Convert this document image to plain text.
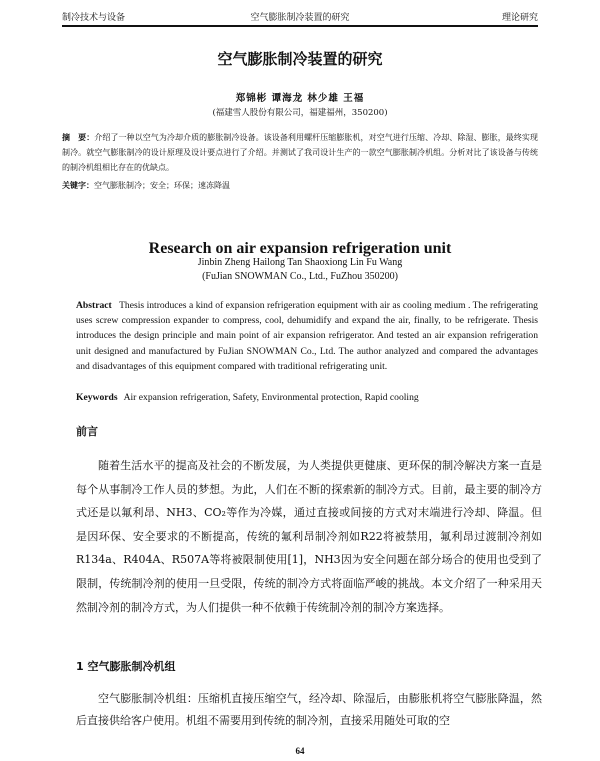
制冷技术与设备	空气膨胀制冷装置的研究	理论研究
空气膨胀制冷装置的研究
郑锦彬 谭海龙 林少雄 王福
(福建雪人股份有限公司，福建福州，350200)
摘　要：介绍了一种以空气为冷却介质的膨胀制冷设备。该设备利用螺杆压缩膨胀机，对空气进行压缩、冷却、除湿、膨胀，最终实现制冷。就空气膨胀制冷的设计原理及设计要点进行了介绍。并测试了我司设计生产的一款空气膨胀制冷机组。分析对比了该设备与传统的制冷机组相比存在的优缺点。
关键字：空气膨胀制冷；安全；环保；速冻降温
Research on air expansion refrigeration unit
Jinbin Zheng Hailong Tan Shaoxiong Lin Fu Wang
(FuJian SNOWMAN Co., Ltd., FuZhou 350200)
Abstract Thesis introduces a kind of expansion refrigeration equipment with air as cooling medium . The refrigerating uses screw compression expander to compress, cool, dehumidify and expand the air, finally, to be refrigerate. Thesis introduces the design principle and main point of air expansion refrigerator. And tested an air expansion refrigeration unit designed and manufactured by FuJian SNOWMAN Co., Ltd. The author analyzed and compared the advantages and disadvantages of this equipment compared with traditional refrigerating unit.
Keywords Air expansion refrigeration, Safety, Environmental protection, Rapid cooling
前言
随着生活水平的提高及社会的不断发展，为人类提供更健康、更环保的制冷解决方案一直是每个从事制冷工作人员的梦想。为此，人们在不断的探索新的制冷方式。目前，最主要的制冷方式还是以氟利昂、NH3、CO₂等作为冷媒，通过直接或间接的方式对末端进行冷却、降温。但是因环保、安全要求的不断提高，传统的氟利昂制冷剂如R22将被禁用，氟利昂过渡制冷剂如R134a、R404A、R507A等将被限制使用[1]，NH3因为安全问题在部分场合的使用也受到了限制，传统制冷剂的使用一旦受限，传统的制冷方式将面临严峻的挑战。本文介绍了一种采用天然制冷剂的制冷方式，为人们提供一种不依赖于传统制冷剂的制冷方案选择。
1 空气膨胀制冷机组
空气膨胀制冷机组：压缩机直接压缩空气，经冷却、除湿后，由膨胀机将空气膨胀降温，然后直接供给客户使用。机组不需要用到传统的制冷剂，直接采用随处可取的空
64
